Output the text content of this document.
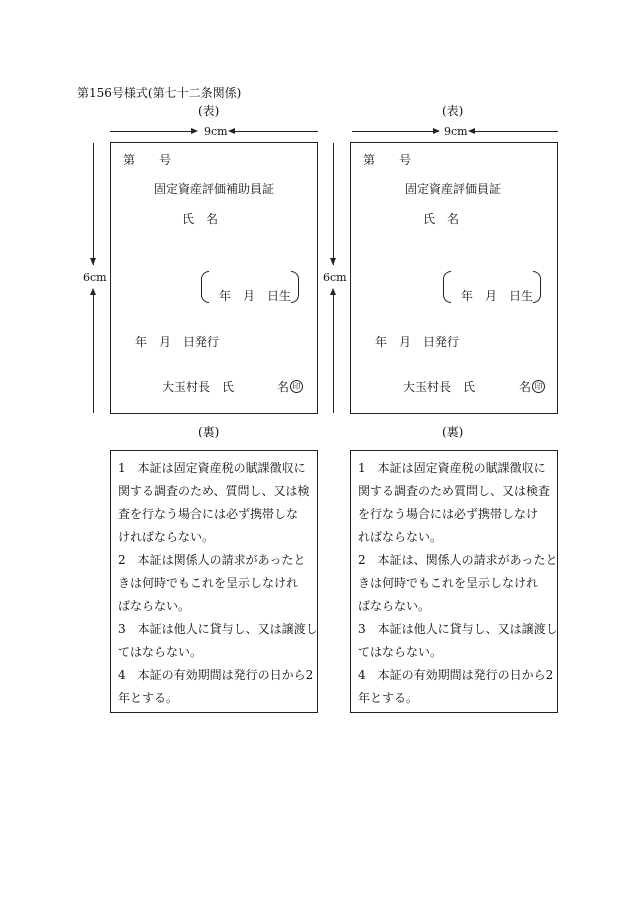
第156号様式(第七十二条関係)
(表)
9cm
6cm
第　　号
固定資産評価補助員証
氏　名
年　月　日生
年　月　日発行
大玉村長　氏	名 印
(裏)
1　本証は固定資産税の賦課徴収に
関する調査のため、質問し、又は検
査を行なう場合には必ず携帯しな
ければならない。
2　本証は関係人の請求があったと
きは何時でもこれを呈示しなけれ
ばならない。
3　本証は他人に貸与し、又は譲渡し
てはならない。
4　本証の有効期間は発行の日から2
年とする。
(表)
9cm
6cm
第　　号
固定資産評価員証
氏　名
年　月　日生
年　月　日発行
大玉村長　氏	名 印
(裏)
1　本証は固定資産税の賦課徴収に
関する調査のため質問し、又は検査
を行なう場合には必ず携帯しなけ
ればならない。
2　本証は、関係人の請求があったと
きは何時でもこれを呈示しなけれ
ばならない。
3　本証は他人に貸与し、又は譲渡し
てはならない。
4　本証の有効期間は発行の日から2
年とする。
